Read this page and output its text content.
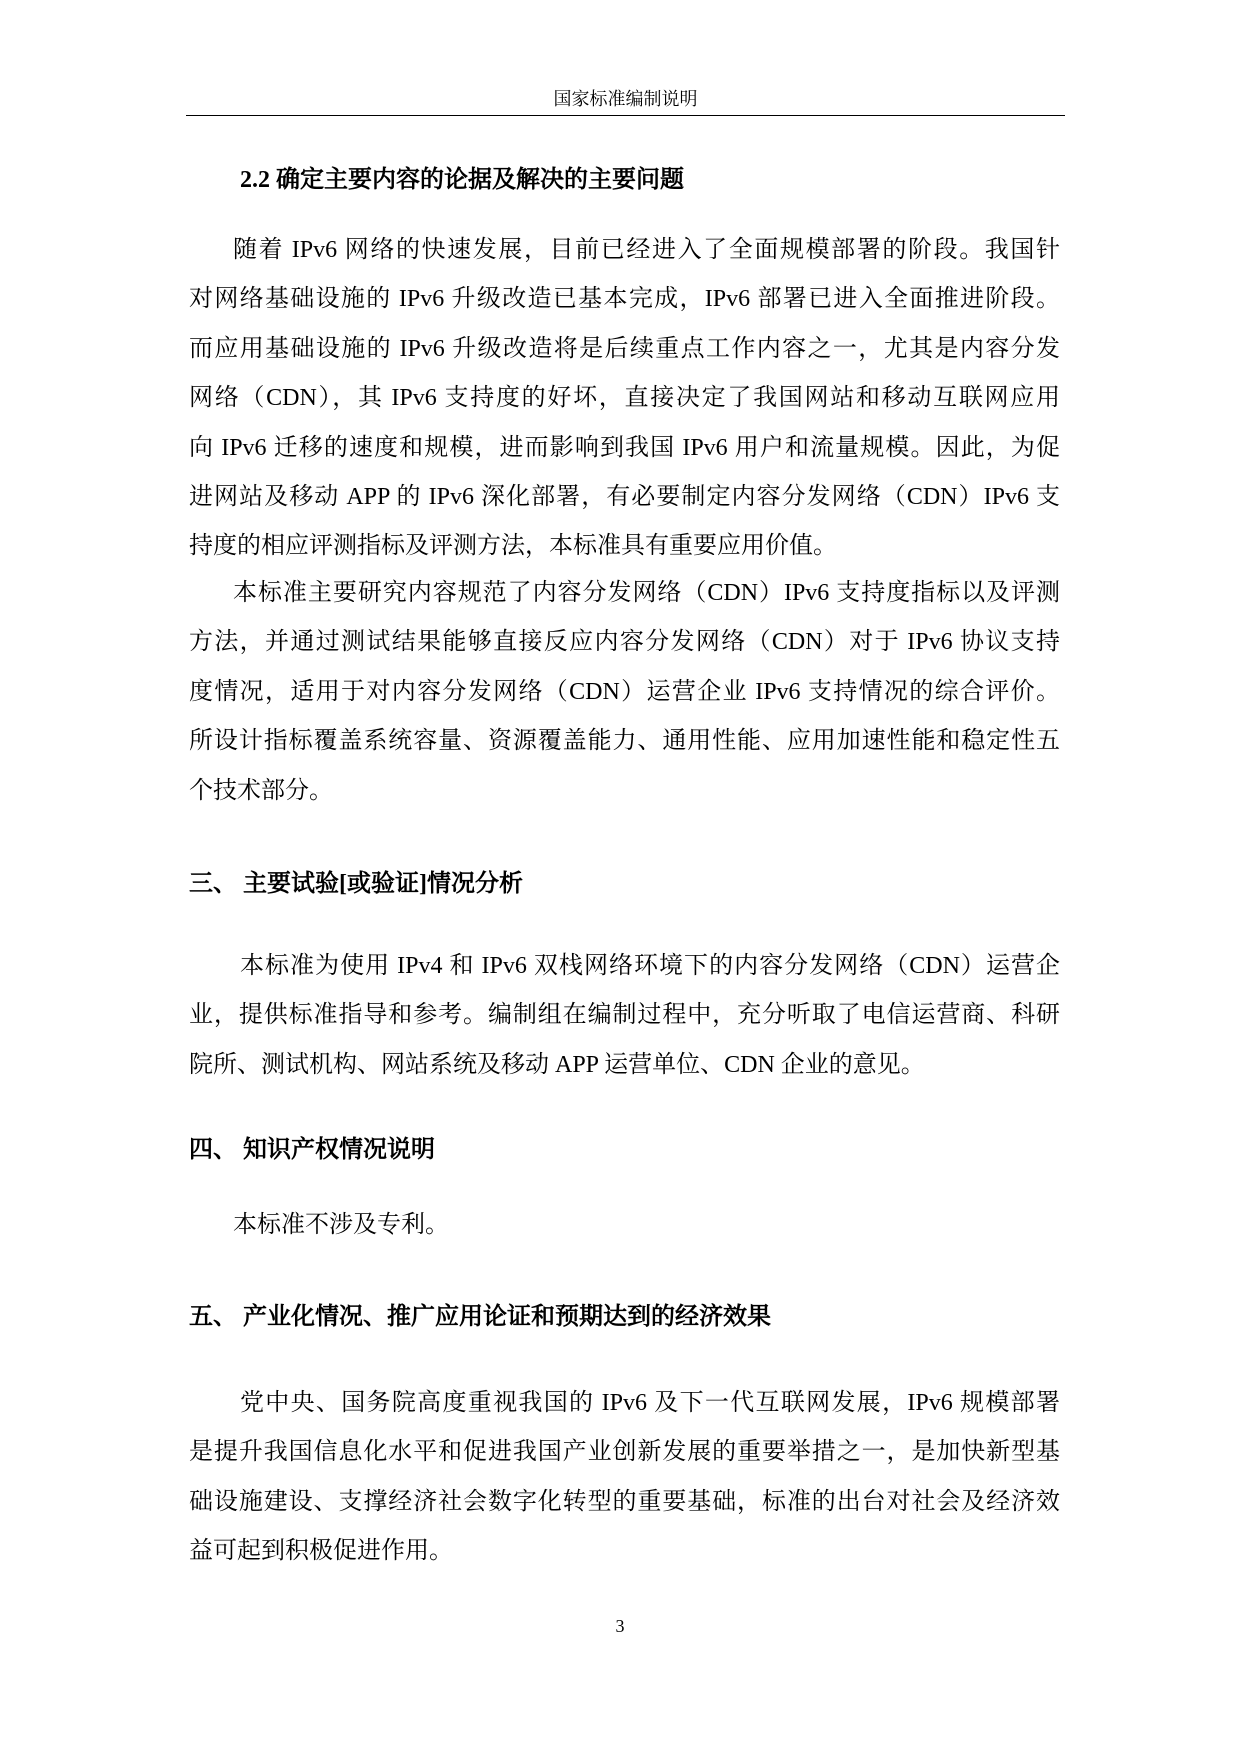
国家标准编制说明
2.2 确定主要内容的论据及解决的主要问题
随着 IPv6 网络的快速发展，目前已经进入了全面规模部署的阶段。我国针
对网络基础设施的 IPv6 升级改造已基本完成，IPv6 部署已进入全面推进阶段。
而应用基础设施的 IPv6 升级改造将是后续重点工作内容之一，尤其是内容分发
网络（CDN），其 IPv6 支持度的好坏，直接决定了我国网站和移动互联网应用
向 IPv6 迁移的速度和规模，进而影响到我国 IPv6 用户和流量规模。因此，为促
进网站及移动 APP 的 IPv6 深化部署，有必要制定内容分发网络（CDN）IPv6 支
持度的相应评测指标及评测方法，本标准具有重要应用价值。
本标准主要研究内容规范了内容分发网络（CDN）IPv6 支持度指标以及评测
方法，并通过测试结果能够直接反应内容分发网络（CDN）对于 IPv6 协议支持
度情况，适用于对内容分发网络（CDN）运营企业 IPv6 支持情况的综合评价。
所设计指标覆盖系统容量、资源覆盖能力、通用性能、应用加速性能和稳定性五
个技术部分。
三、 主要试验[或验证]情况分析
本标准为使用 IPv4 和 IPv6 双栈网络环境下的内容分发网络（CDN）运营企
业，提供标准指导和参考。编制组在编制过程中，充分听取了电信运营商、科研
院所、测试机构、网站系统及移动 APP 运营单位、CDN 企业的意见。
四、 知识产权情况说明
本标准不涉及专利。
五、 产业化情况、推广应用论证和预期达到的经济效果
党中央、国务院高度重视我国的 IPv6 及下一代互联网发展，IPv6 规模部署
是提升我国信息化水平和促进我国产业创新发展的重要举措之一，是加快新型基
础设施建设、支撑经济社会数字化转型的重要基础，标准的出台对社会及经济效
益可起到积极促进作用。
3
